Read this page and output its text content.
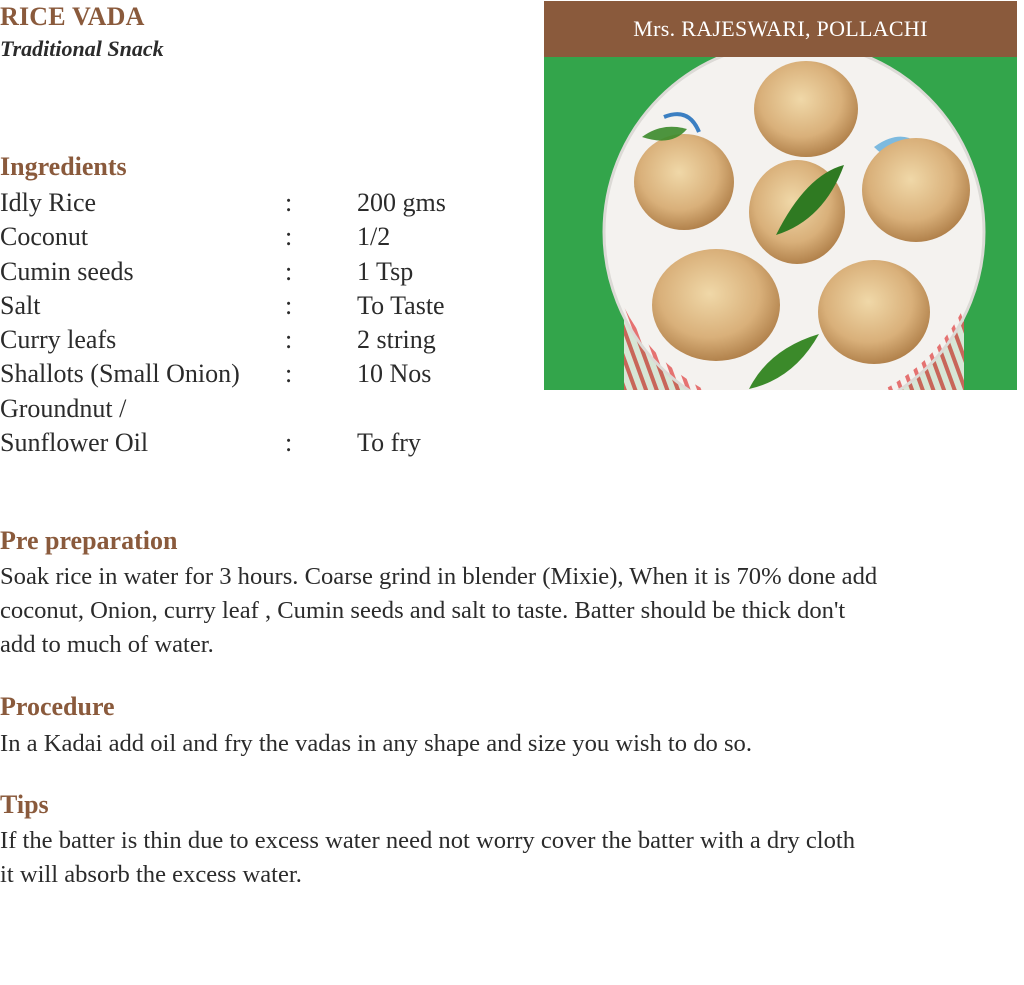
RICE VADA
Traditional Snack
Ingredients
Idly Rice	: 200 gms
Coconut	: 1/2
Cumin seeds	: 1 Tsp
Salt	: To Taste
Curry leafs	: 2 string
Shallots (Small Onion) : 10 Nos
Groundnut /
Sunflower Oil	: To fry
Mrs. RAJESWARI, POLLACHI
Pre preparation
Soak rice in water for 3 hours. Coarse grind in blender (Mixie), When it is 70% done add
coconut, Onion, curry leaf , Cumin seeds and salt to taste. Batter should be thick don't
add to much of water.
Procedure
In a Kadai add oil and fry the vadas in any shape and size you wish to do so.
Tips
If the batter is thin due to excess water need not worry cover the batter with a dry cloth
it will absorb the excess water.
